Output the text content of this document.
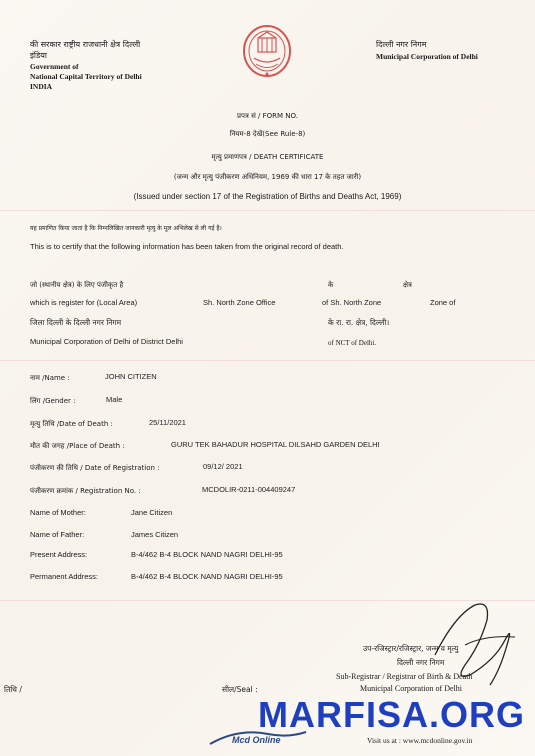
की सरकार राष्ट्रीय राजधानी क्षेत्र दिल्ली
इंडिया
Government of
National Capital Territory of Delhi
INDIA
दिल्ली नगर निगम
Municipal Corporation of Delhi
प्रपत्र सं / FORM NO.
नियम-8 देखें(See Rule-8)
मृत्यु प्रमाणपत्र / DEATH CERTIFICATE
(जन्म और मृत्यु पंजीकरण अधिनियम, 1969 की धारा 17 के तहत जारी)
(Issued under section 17 of the Registration of Births and Deaths Act, 1969)
यह प्रमाणित किया जाता है कि निम्नलिखित जानकारी मृत्यु के मूल अभिलेख से ली गई है।
This is to certify that the following information has been taken from the original record of death.
जो (स्थानीय क्षेत्र) के लिए पंजीकृत है	के	क्षेत्र
which is register for (Local Area)	Sh. North Zone Office	of Sh. North Zone	Zone of
जिला दिल्ली के दिल्ली नगर निगम	के रा. रा. क्षेत्र, दिल्ली।
Municipal Corporation of Delhi of District Delhi	of NCT of Delhi.
नाम /Name :	JOHN CITIZEN
लिंग /Gender :	Male
मृत्यु तिथि /Date of Death :	25/11/2021
मौत की जगह /Place of Death :	GURU TEK BAHADUR HOSPITAL DILSAHD GARDEN DELHI
पंजीकरण की तिथि / Date of Registration :	09/12/ 2021
पंजीकरण क्रमांक / Registration No. :	MCDOLIR-0211-004409247
Name of Mother:	Jane Citizen
Name of Father:	James Citizen
Present Address:	B-4/462 B-4 BLOCK NAND NAGRI DELHI-95
Permanent Address:	B-4/462 B-4 BLOCK NAND NAGRI DELHI-95
उप-रजिस्ट्रार/रजिस्ट्रार, जन्म व मृत्यु
दिल्ली नगर निगम
Sub-Registrar / Registrar of Birth & Death
Municipal Corporation of Delhi
तिथि /	सील/Seal :
Mcd Online
MARFISA.ORG
Visit us at : www.mcdonline.gov.in
